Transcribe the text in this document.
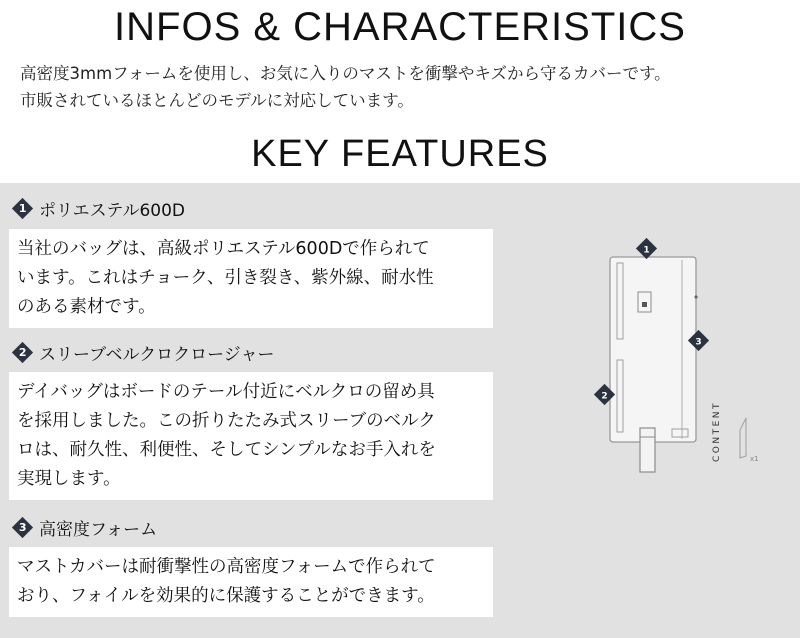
INFOS & CHARACTERISTICS
高密度3mmフォームを使用し、お気に入りのマストを衝撃やキズから守るカバーです。
市販されているほとんどのモデルに対応しています。
KEY FEATURES
1 ポリエステル600D
当社のバッグは、高級ポリエステル600Dで作られて
います。これはチョーク、引き裂き、紫外線、耐水性
のある素材です。
2 スリーブベルクロクロージャー
デイバッグはボードのテール付近にベルクロの留め具
を採用しました。この折りたたみ式スリーブのベルク
ロは、耐久性、利便性、そしてシンプルなお手入れを
実現します。
3 高密度フォーム
マストカバーは耐衝撃性の高密度フォームで作られて
おり、フォイルを効果的に保護することができます。
1
2
3
CONTENT	x1
